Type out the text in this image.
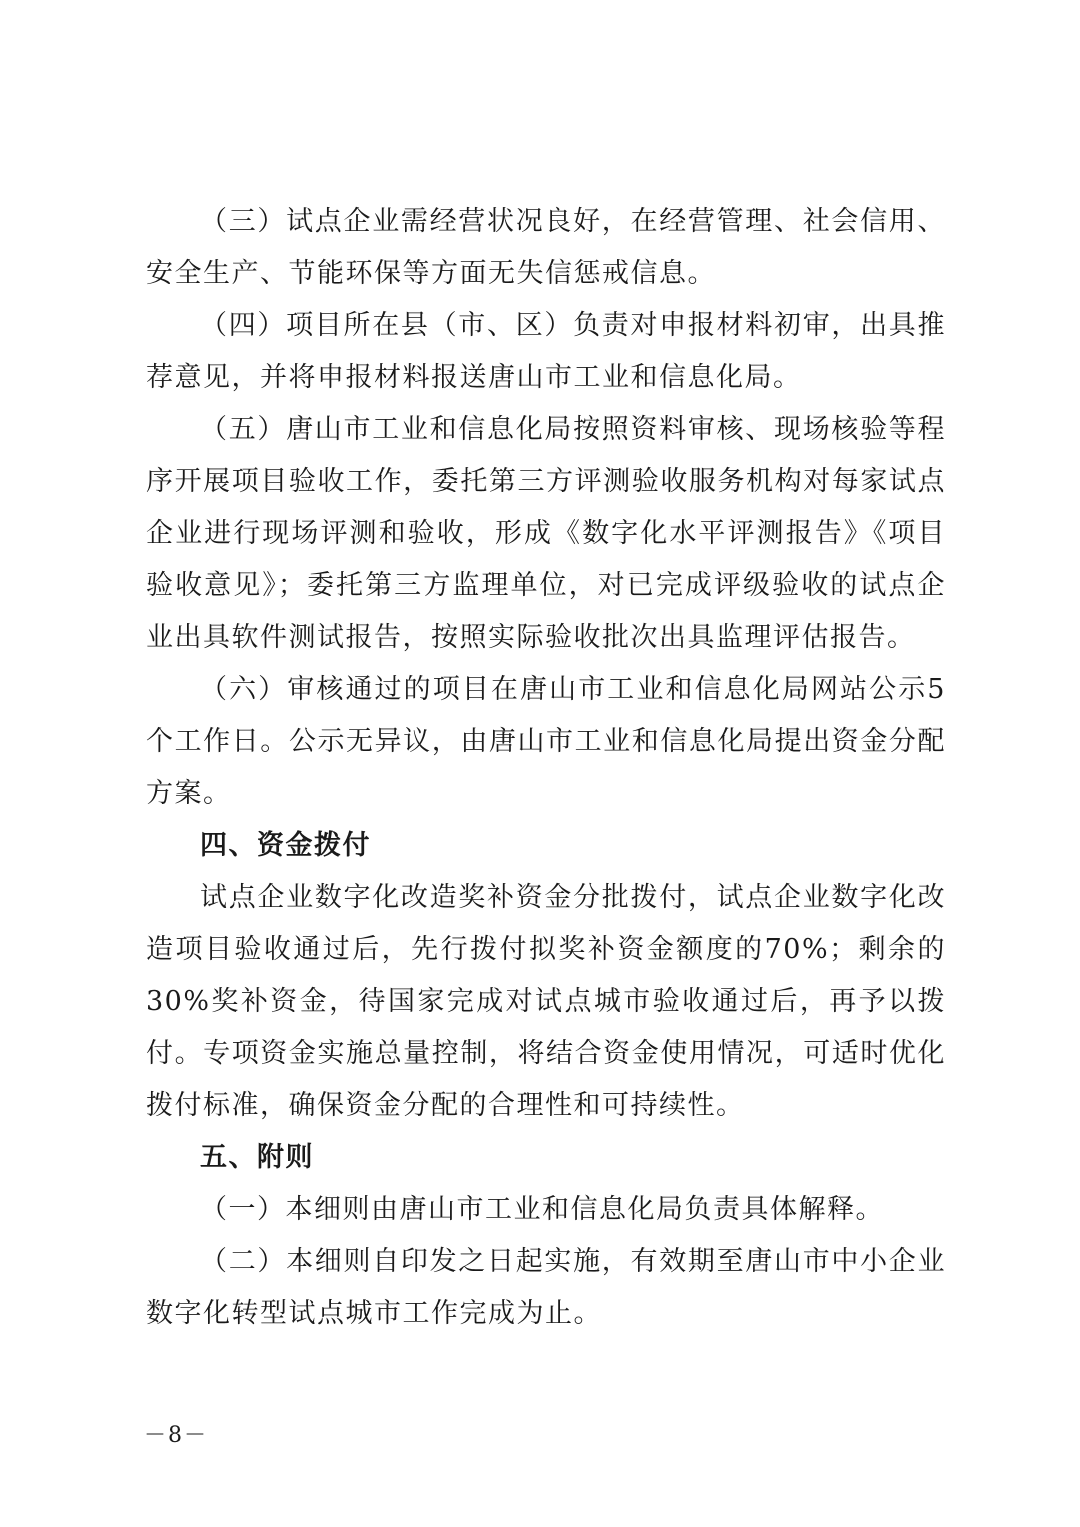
（三）试点企业需经营状况良好，在经营管理、社会信用、安全生产、节能环保等方面无失信惩戒信息。

（四）项目所在县（市、区）负责对申报材料初审，出具推荐意见，并将申报材料报送唐山市工业和信息化局。

（五）唐山市工业和信息化局按照资料审核、现场核验等程序开展项目验收工作，委托第三方评测验收服务机构对每家试点企业进行现场评测和验收，形成《数字化水平评测报告》《项目验收意见》；委托第三方监理单位，对已完成评级验收的试点企业出具软件测试报告，按照实际验收批次出具监理评估报告。

（六）审核通过的项目在唐山市工业和信息化局网站公示5个工作日。公示无异议，由唐山市工业和信息化局提出资金分配方案。

四、资金拨付

试点企业数字化改造奖补资金分批拨付，试点企业数字化改造项目验收通过后，先行拨付拟奖补资金额度的70%；剩余的30%奖补资金，待国家完成对试点城市验收通过后，再予以拨付。专项资金实施总量控制，将结合资金使用情况，可适时优化拨付标准，确保资金分配的合理性和可持续性。

五、附则

（一）本细则由唐山市工业和信息化局负责具体解释。

（二）本细则自印发之日起实施，有效期至唐山市中小企业数字化转型试点城市工作完成为止。

－8－
